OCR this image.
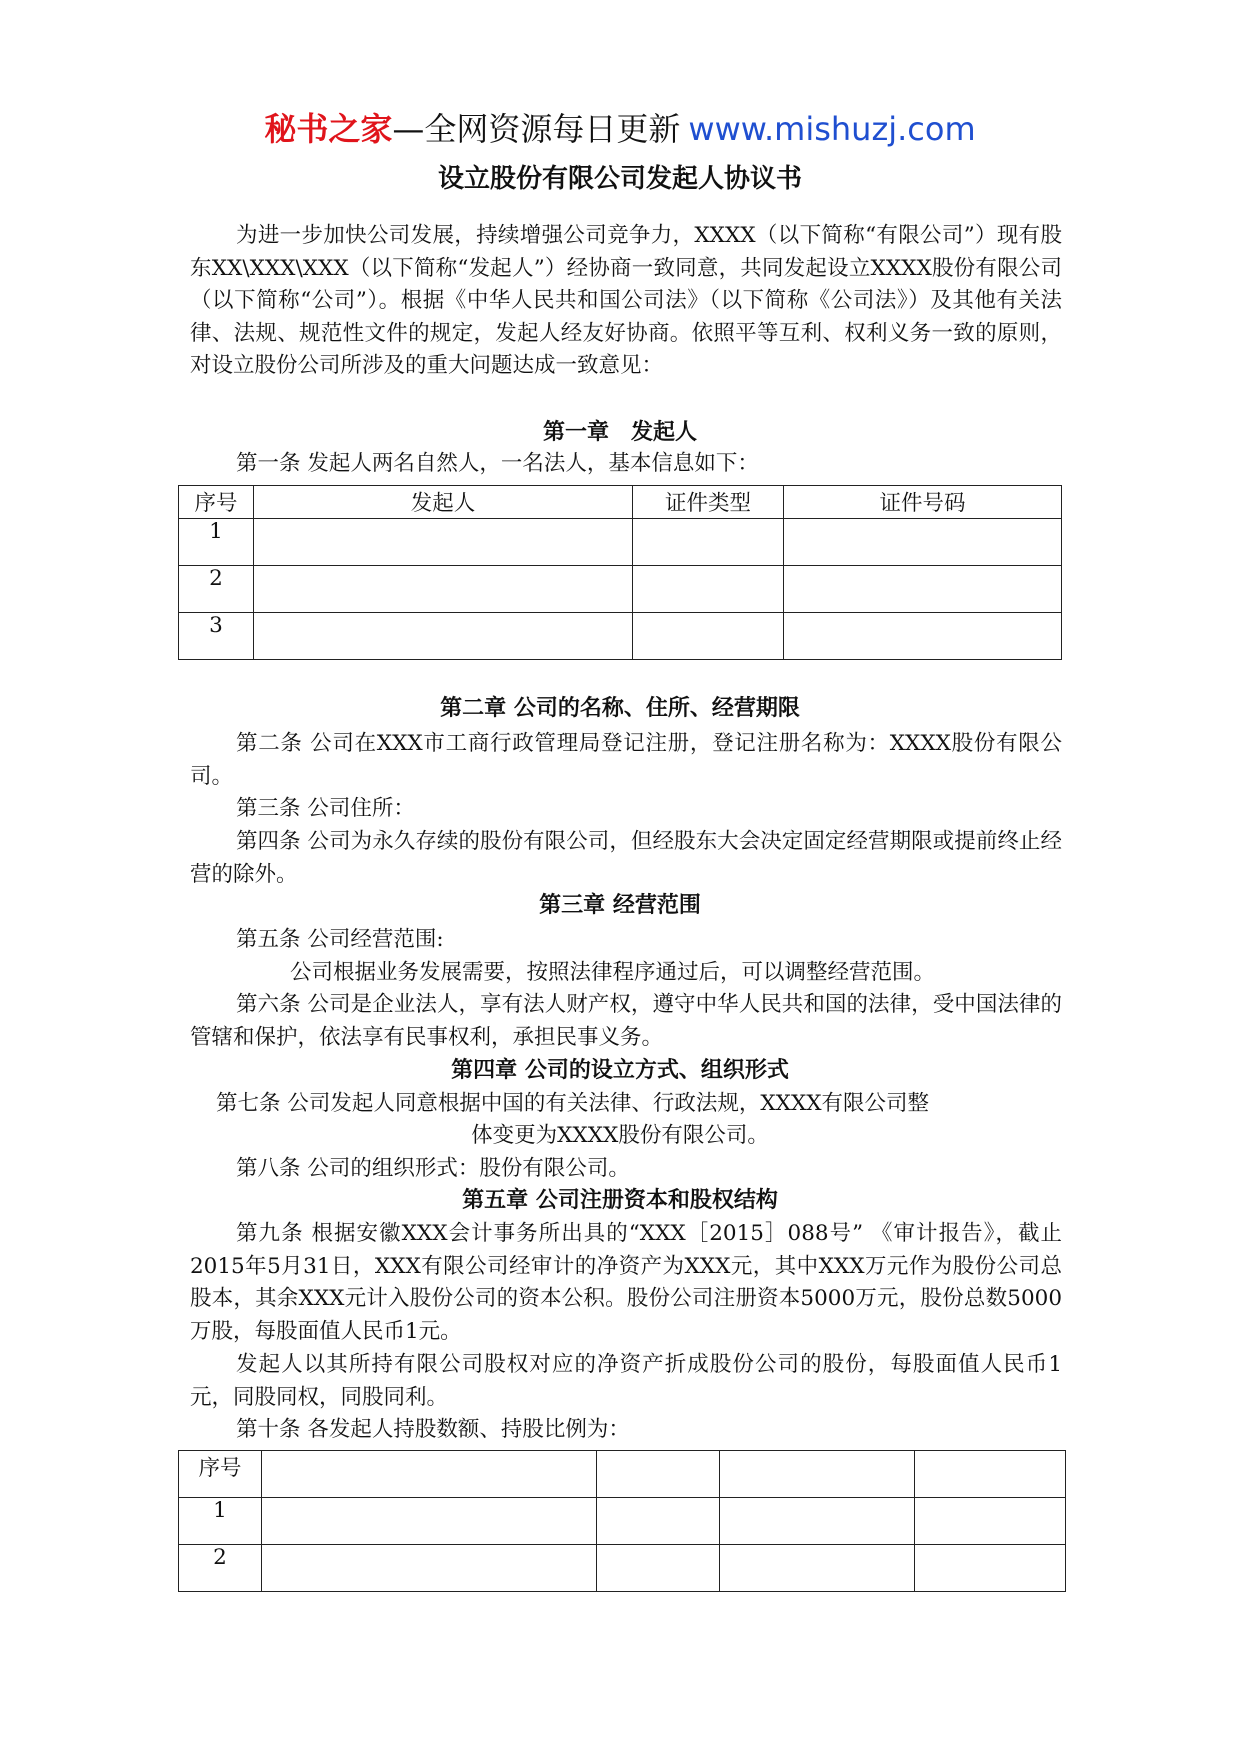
秘书之家—全网资源每日更新 www.mishuzj.com
设立股份有限公司发起人协议书

为进一步加快公司发展，持续增强公司竞争力，XXXX（以下简称“有限公司”）现有股东XX\XXX\XXX（以下简称“发起人”）经协商一致同意，共同发起设立XXXX股份有限公司（以下简称“公司”）。根据《中华人民共和国公司法》（以下简称《公司法》）及其他有关法律、法规、规范性文件的规定，发起人经友好协商。依照平等互利、权利义务一致的原则，对设立股份公司所涉及的重大问题达成一致意见：

第一章　发起人

第一条 发起人两名自然人，一名法人，基本信息如下：

序号	发起人	证件类型	证件号码
1			
2			
3			
第二章 公司的名称、住所、经营期限

第二条 公司在XXX市工商行政管理局登记注册，登记注册名称为：XXXX股份有限公司。

第三条 公司住所：

第四条 公司为永久存续的股份有限公司，但经股东大会决定固定经营期限或提前终止经营的除外。

第三章 经营范围

第五条 公司经营范围:

公司根据业务发展需要，按照法律程序通过后，可以调整经营范围。

第六条 公司是企业法人，享有法人财产权，遵守中华人民共和国的法律，受中国法律的管辖和保护，依法享有民事权利，承担民事义务。

第四章 公司的设立方式、组织形式

第七条 公司发起人同意根据中国的有关法律、行政法规，XXXX有限公司整

体变更为XXXX股份有限公司。

第八条 公司的组织形式：股份有限公司。

第五章 公司注册资本和股权结构

第九条 根据安徽XXX会计事务所出具的“XXX［2015］088号” 《审计报告》，截止2015年5月31日，XXX有限公司经审计的净资产为XXX元，其中XXX万元作为股份公司总股本，其余XXX元计入股份公司的资本公积。股份公司注册资本5000万元，股份总数5000万股，每股面值人民币1元。

发起人以其所持有限公司股权对应的净资产折成股份公司的股份，每股面值人民币1元，同股同权，同股同利。

第十条 各发起人持股数额、持股比例为：

序号				
1				
2				
